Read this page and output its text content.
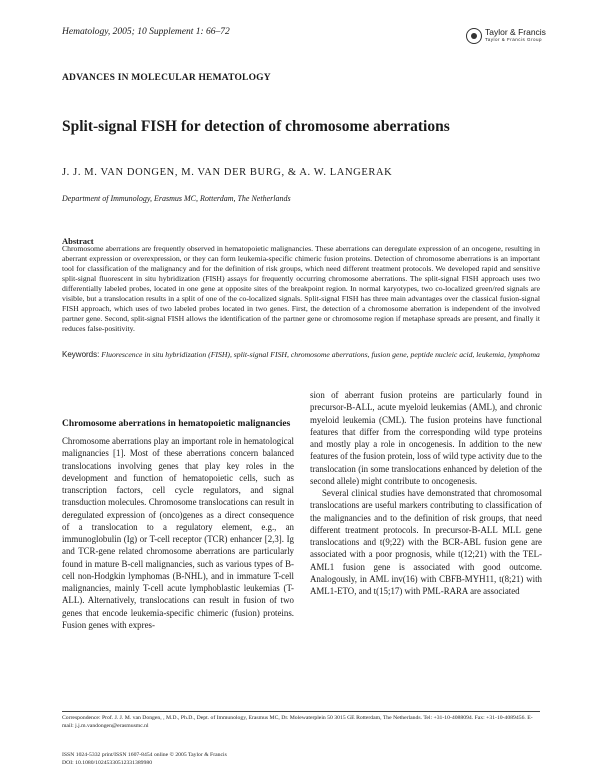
Hematology, 2005; 10 Supplement 1: 66–72	Taylor & Francis
Taylor & Francis Group
ADVANCES IN MOLECULAR HEMATOLOGY
Split-signal FISH for detection of chromosome aberrations
J. J. M. VAN DONGEN, M. VAN DER BURG, & A. W. LANGERAK
Department of Immunology, Erasmus MC, Rotterdam, The Netherlands
Abstract
Chromosome aberrations are frequently observed in hematopoietic malignancies. These aberrations can deregulate expression of an oncogene, resulting in aberrant expression or overexpression, or they can form leukemia-specific chimeric fusion proteins. Detection of chromosome aberrations is an important tool for classification of the malignancy and for the definition of risk groups, which need different treatment protocols. We developed rapid and sensitive split-signal fluorescent in situ hybridization (FISH) assays for frequently occurring chromosome aberrations. The split-signal FISH approach uses two differentially labeled probes, located in one gene at opposite sites of the breakpoint region. In normal karyotypes, two co-localized green/red signals are visible, but a translocation results in a split of one of the co-localized signals. Split-signal FISH has three main advantages over the classical fusion-signal FISH approach, which uses of two labeled probes located in two genes. First, the detection of a chromosome aberration is independent of the involved partner gene. Second, split-signal FISH allows the identification of the partner gene or chromosome region if metaphase spreads are present, and finally it reduces false-positivity.
Keywords: Fluorescence in situ hybridization (FISH), split-signal FISH, chromosome aberrations, fusion gene, peptide nucleic acid, leukemia, lymphoma
Chromosome aberrations in hematopoietic malignancies

Chromosome aberrations play an important role in hematological malignancies [1]. Most of these aberrations concern balanced translocations involving genes that play key roles in the development and function of hematopoietic cells, such as transcription factors, cell cycle regulators, and signal transduction molecules. Chromosome translocations can result in deregulated expression of (onco)genes as a direct consequence of a translocation to a regulatory element, e.g., an immunoglobulin (Ig) or T-cell receptor (TCR) enhancer [2,3]. Ig and TCR-gene related chromosome aberrations are particularly found in mature B-cell malignancies, such as various types of B-cell non-Hodgkin lymphomas (B-NHL), and in immature T-cell malignancies, mainly T-cell acute lymphoblastic leukemias (T-ALL). Alternatively, translocations can result in fusion of two genes that encode leukemia-specific chimeric (fusion) proteins. Fusion genes with expres-

sion of aberrant fusion proteins are particularly found in precursor-B-ALL, acute myeloid leukemias (AML), and chronic myeloid leukemia (CML). The fusion proteins have functional features that differ from the corresponding wild type proteins and mostly play a role in oncogenesis. In addition to the new features of the fusion protein, loss of wild type activity due to the translocation (in some translocations enhanced by deletion of the second allele) might contribute to oncogenesis.

Several clinical studies have demonstrated that chromosomal translocations are useful markers contributing to classification of the malignancies and to the definition of risk groups, that need different treatment protocols. In precursor-B-ALL MLL gene translocations and t(9;22) with the BCR-ABL fusion gene are associated with a poor prognosis, while t(12;21) with the TEL-AML1 fusion gene is associated with good outcome. Analogously, in AML inv(16) with CBFB-MYH11, t(8;21) with AML1-ETO, and t(15;17) with PML-RARA are associated

Correspondence: Prof. J. J. M. van Dongen, , M.D., Ph.D., Dept. of Immunology, Erasmus MC, Dr. Molewaterplein 50 3015 GE Rotterdam, The Netherlands. Tel: +31-10-4088094. Fax: +31-10-4089456. E-mail: j.j.m.vandongen@erasmusmc.nl
ISSN 1024-5332 print/ISSN 1607-8454 online © 2005 Taylor & Francis
DOI: 10.1080/10245330512331389980
